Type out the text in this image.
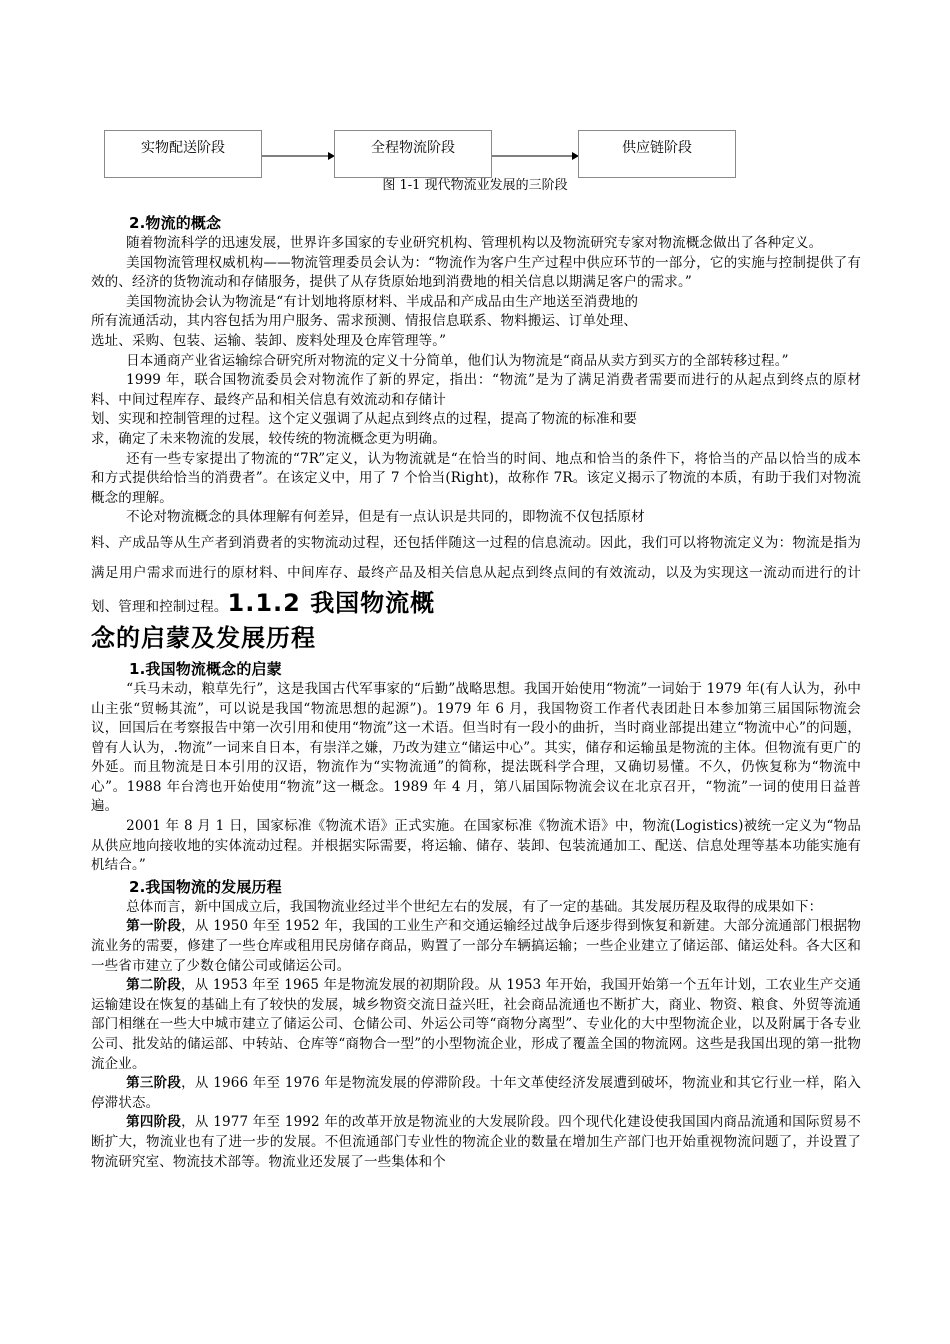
实物配送阶段	全程物流阶段	供应链阶段
图 1-1 现代物流业发展的三阶段
2.物流的概念

随着物流科学的迅速发展，世界许多国家的专业研究机构、管理机构以及物流研究专家对物流概念做出了各种定义。

美国物流管理权威机构——物流管理委员会认为：“物流作为客户生产过程中供应环节的一部分，它的实施与控制提供了有效的、经济的货物流动和存储服务，提供了从存货原始地到消费地的相关信息以期满足客户的需求。”

美国物流协会认为物流是“有计划地将原材料、半成品和产成品由生产地送至消费地的

所有流通活动，其内容包括为用户服务、需求预测、情报信息联系、物料搬运、订单处理、

选址、采购、包装、运输、装卸、废料处理及仓库管理等。”

日本通商产业省运输综合研究所对物流的定义十分简单，他们认为物流是“商品从卖方到买方的全部转移过程。”

1999 年，联合国物流委员会对物流作了新的界定，指出：“物流”是为了满足消费者需要而进行的从起点到终点的原材料、中间过程库存、最终产品和相关信息有效流动和存储计

划、实现和控制管理的过程。这个定义强调了从起点到终点的过程，提高了物流的标准和要

求，确定了未来物流的发展，较传统的物流概念更为明确。

还有一些专家提出了物流的“7R”定义，认为物流就是“在恰当的时间、地点和恰当的条件下，将恰当的产品以恰当的成本和方式提供给恰当的消费者”。在该定义中，用了 7 个恰当(Right)，故称作 7R。该定义揭示了物流的本质，有助于我们对物流概念的理解。

不论对物流概念的具体理解有何差异，但是有一点认识是共同的，即物流不仅包括原材

料、产成品等从生产者到消费者的实物流动过程，还包括伴随这一过程的信息流动。因此，我们可以将物流定义为：物流是指为满足用户需求而进行的原材料、中间库存、最终产品及相关信息从起点到终点间的有效流动，以及为实现这一流动而进行的计划、管理和控制过程。1.1.2 我国物流概

念的启蒙及发展历程

1.我国物流概念的启蒙

“兵马未动，粮草先行”，这是我国古代军事家的“后勤”战略思想。我国开始使用“物流”一词始于 1979 年(有人认为，孙中山主张“贸畅其流”，可以说是我国“物流思想的起源”)。1979 年 6 月，我国物资工作者代表团赴日本参加第三届国际物流会议，回国后在考察报告中第一次引用和使用“物流”这一术语。但当时有一段小的曲折，当时商业部提出建立“物流中心”的问题，曾有人认为，.物流”一词来自日本，有崇洋之嫌，乃改为建立“储运中心”。其实，储存和运输虽是物流的主体。但物流有更广的外延。而且物流是日本引用的汉语，物流作为“实物流通”的简称，提法既科学合理，又确切易懂。不久，仍恢复称为“物流中心”。1988 年台湾也开始使用“物流”这一概念。1989 年 4 月，第八届国际物流会议在北京召开，“物流”一词的使用日益普遍。

2001 年 8 月 1 日，国家标准《物流术语》正式实施。在国家标准《物流术语》中，物流(Logistics)被统一定义为“物品从供应地向接收地的实体流动过程。并根据实际需要，将运输、储存、装卸、包装流通加工、配送、信息处理等基本功能实施有机结合。”

2.我国物流的发展历程

总体而言，新中国成立后，我国物流业经过半个世纪左右的发展，有了一定的基础。其发展历程及取得的成果如下：

第一阶段，从 1950 年至 1952 年，我国的工业生产和交通运输经过战争后逐步得到恢复和新建。大部分流通部门根据物流业务的需要，修建了一些仓库或租用民房储存商品，购置了一部分车辆搞运输；一些企业建立了储运部、储运处科。各大区和一些省市建立了少数仓储公司或储运公司。

第二阶段，从 1953 年至 1965 年是物流发展的初期阶段。从 1953 年开始，我国开始第一个五年计划，工农业生产交通运输建设在恢复的基础上有了较快的发展，城乡物资交流日益兴旺，社会商品流通也不断扩大，商业、物资、粮食、外贸等流通部门相继在一些大中城市建立了储运公司、仓储公司、外运公司等“商物分离型”、专业化的大中型物流企业，以及附属于各专业公司、批发站的储运部、中转站、仓库等“商物合一型”的小型物流企业，形成了覆盖全国的物流网。这些是我国出现的第一批物流企业。

第三阶段，从 1966 年至 1976 年是物流发展的停滞阶段。十年文革使经济发展遭到破坏，物流业和其它行业一样，陷入停滞状态。

第四阶段，从 1977 年至 1992 年的改革开放是物流业的大发展阶段。四个现代化建设使我国国内商品流通和国际贸易不断扩大，物流业也有了进一步的发展。不但流通部门专业性的物流企业的数量在增加生产部门也开始重视物流问题了，并设置了物流研究室、物流技术部等。物流业还发展了一些集体和个
